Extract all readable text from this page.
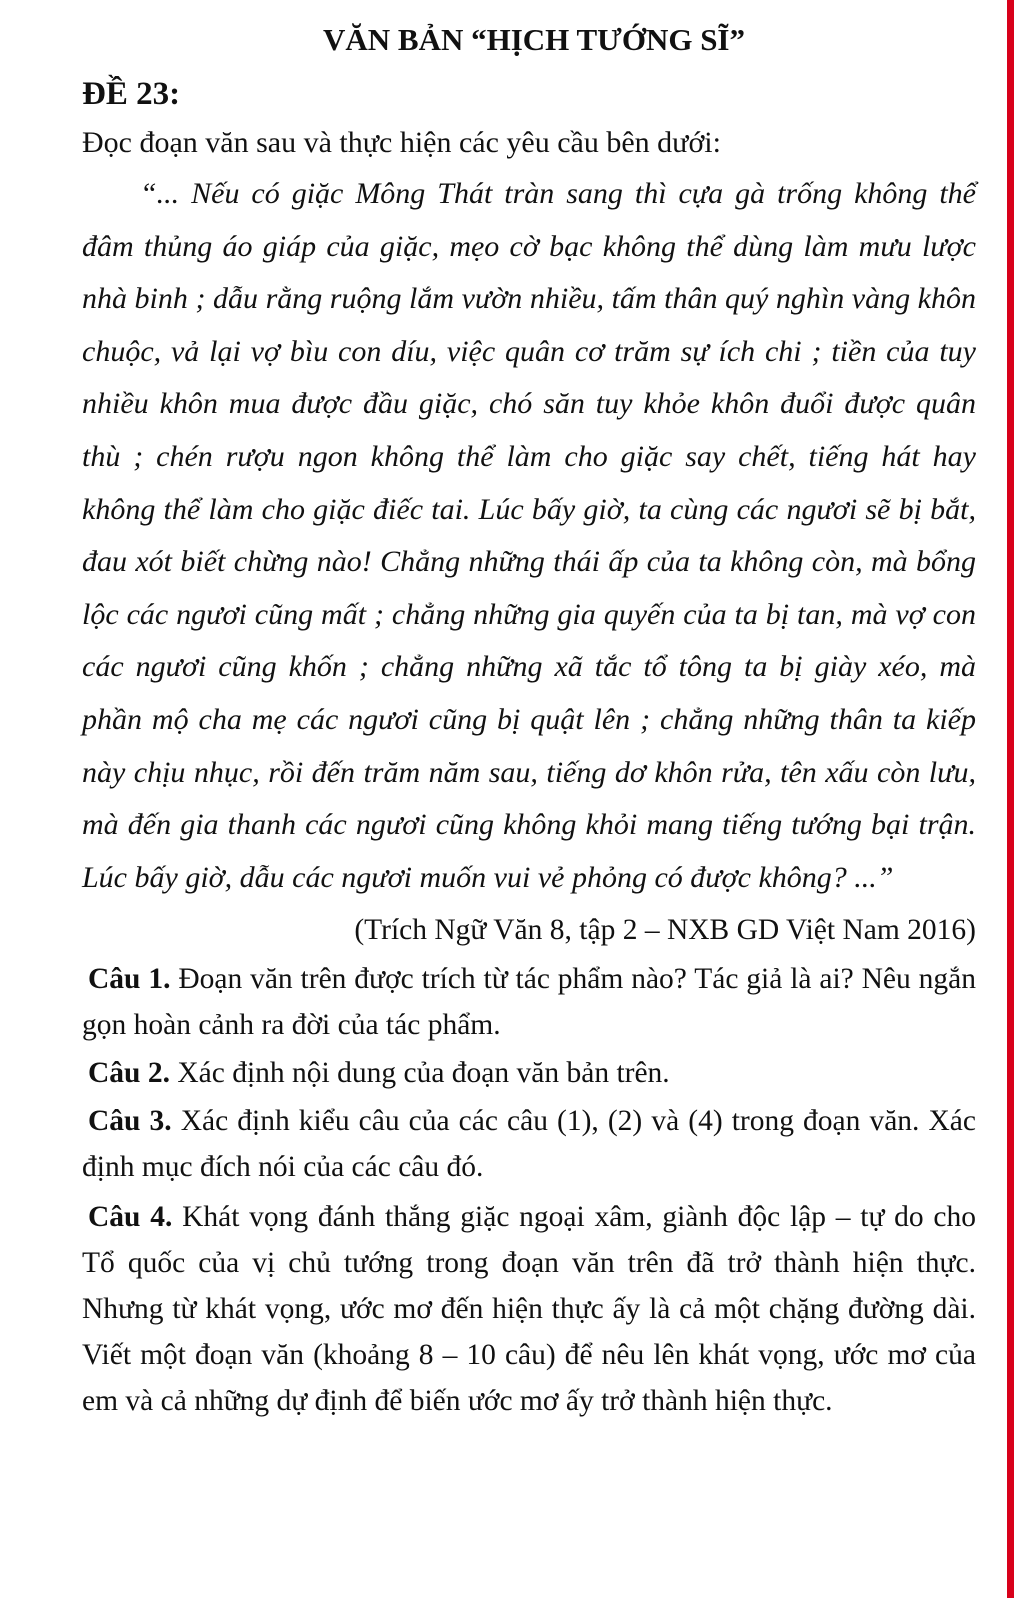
VĂN BẢN “HỊCH TƯỚNG SĨ”
ĐỀ 23:

Đọc đoạn văn sau và thực hiện các yêu cầu bên dưới:

“... Nếu có giặc Mông Thát tràn sang thì cựa gà trống không thể đâm thủng áo giáp của giặc, mẹo cờ bạc không thể dùng làm mưu lược nhà binh ; dẫu rằng ruộng lắm vườn nhiều, tấm thân quý nghìn vàng khôn chuộc, vả lại vợ bìu con díu, việc quân cơ trăm sự ích chi ; tiền của tuy nhiều khôn mua được đầu giặc, chó săn tuy khỏe khôn đuổi được quân thù ; chén rượu ngon không thể làm cho giặc say chết, tiếng hát hay không thể làm cho giặc điếc tai. Lúc bấy giờ, ta cùng các ngươi sẽ bị bắt, đau xót biết chừng nào! Chẳng những thái ấp của ta không còn, mà bổng lộc các ngươi cũng mất ; chẳng những gia quyến của ta bị tan, mà vợ con các ngươi cũng khốn ; chẳng những xã tắc tổ tông ta bị giày xéo, mà phần mộ cha mẹ các ngươi cũng bị quật lên ; chẳng những thân ta kiếp này chịu nhục, rồi đến trăm năm sau, tiếng dơ khôn rửa, tên xấu còn lưu, mà đến gia thanh các ngươi cũng không khỏi mang tiếng tướng bại trận. Lúc bấy giờ, dẫu các ngươi muốn vui vẻ phỏng có được không? ...”

(Trích Ngữ Văn 8, tập 2 – NXB GD Việt Nam 2016)

Câu 1. Đoạn văn trên được trích từ tác phẩm nào? Tác giả là ai? Nêu ngắn gọn hoàn cảnh ra đời của tác phẩm.

Câu 2. Xác định nội dung của đoạn văn bản trên.

Câu 3. Xác định kiểu câu của các câu (1), (2) và (4) trong đoạn văn. Xác định mục đích nói của các câu đó.

Câu 4. Khát vọng đánh thắng giặc ngoại xâm, giành độc lập – tự do cho Tổ quốc của vị chủ tướng trong đoạn văn trên đã trở thành hiện thực. Nhưng từ khát vọng, ước mơ đến hiện thực ấy là cả một chặng đường dài. Viết một đoạn văn (khoảng 8 – 10 câu) để nêu lên khát vọng, ước mơ của em và cả những dự định để biến ước mơ ấy trở thành hiện thực.
